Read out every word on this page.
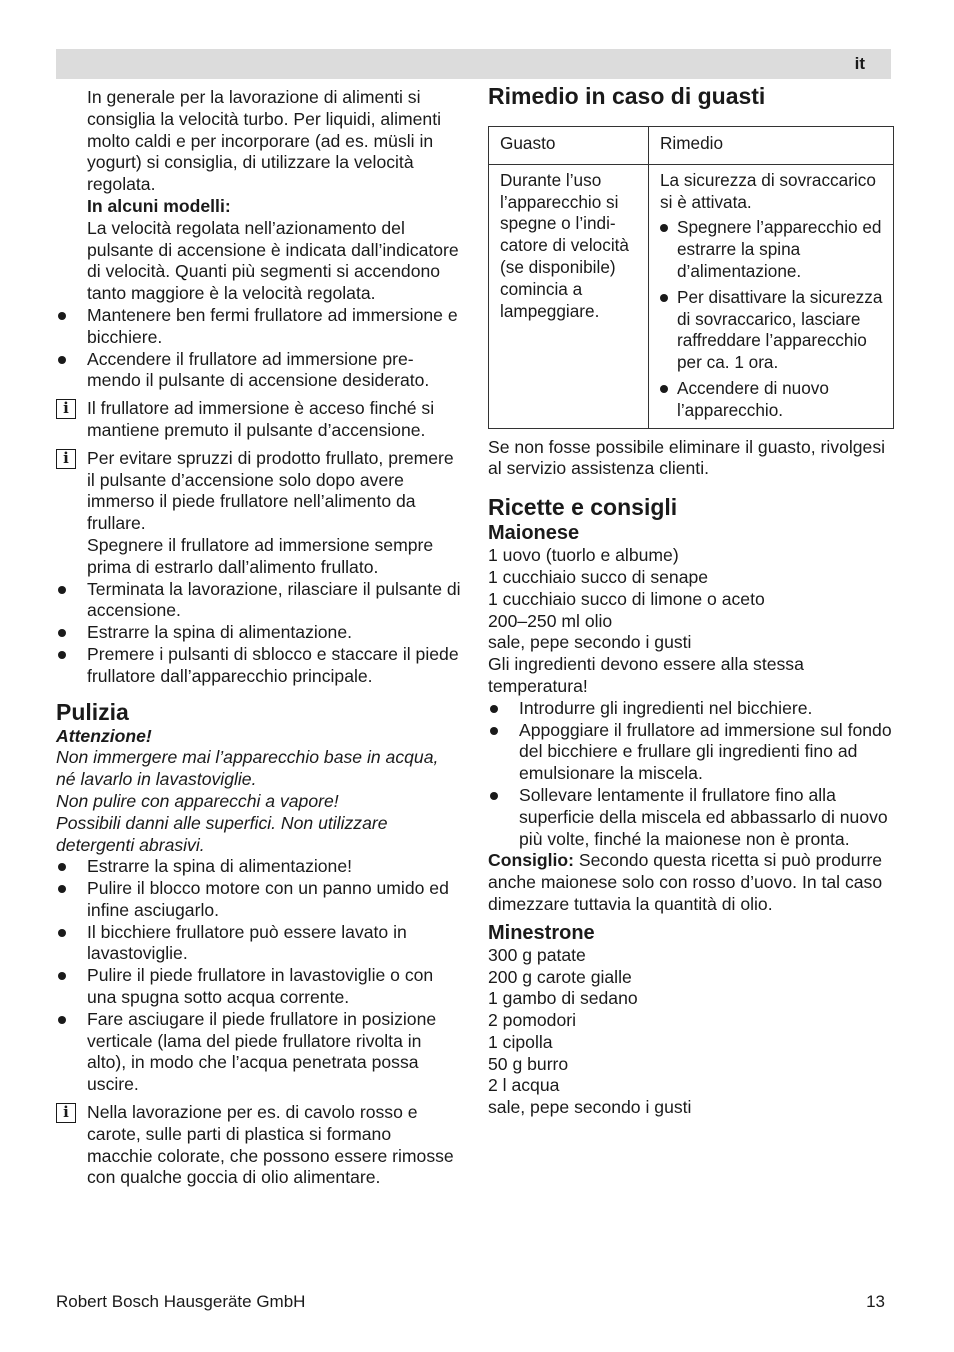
it

In generale per la lavorazione di alimenti si consiglia la velocità turbo. Per liquidi, alimenti molto caldi e per incorporare (ad es. müsli in yogurt) si consiglia, di utilizzare la velocità regolata.

In alcuni modelli:

La velocità regolata nell’azionamento del pulsante di accensione è indicata dall’indicatore di velocità. Quanti più segmenti si accendono tanto maggiore è la velocità regolata.

Mantenere ben fermi frullatore ad immersione e bicchiere.
Accendere il frullatore ad immersione premendo il pulsante di accensione desiderato.
i	Il frullatore ad immersione è acceso finché si mantiene premuto il pulsante d’accensione.
i	Per evitare spruzzi di prodotto frullato, premere il pulsante d’accensione solo dopo avere immerso il piede frullatore nell’alimento da frullare.
Spegnere il frullatore ad immersione sempre prima di estrarlo dall’alimento frullato.
Terminata la lavorazione, rilasciare il pulsante di accensione.
Estrarre la spina di alimentazione.
Premere i pulsanti di sblocco e staccare il piede frullatore dall’apparecchio principale.
Pulizia

Attenzione!

Non immergere mai l’apparecchio base in acqua, né lavarlo in lavastoviglie.

Non pulire con apparecchi a vapore!

Possibili danni alle superfici. Non utilizzare detergenti abrasivi.

Estrarre la spina di alimentazione!
Pulire il blocco motore con un panno umido ed infine asciugarlo.
Il bicchiere frullatore può essere lavato in lavastoviglie.
Pulire il piede frullatore in lavastoviglie o con una spugna sotto acqua corrente.
Fare asciugare il piede frullatore in posizione verticale (lama del piede frullatore rivolta in alto), in modo che l’acqua penetrata possa uscire.
i	Nella lavorazione per es. di cavolo rosso e carote, sulle parti di plastica si formano macchie colorate, che possono essere rimosse con qualche goccia di olio alimentare.
Rimedio in caso di guasti
Guasto	Rimedio
Durante l’uso l’apparecchio si spegne o l’indicatore di velocità (se disponibile) comincia a lampeggiare.	La sicurezza di sovraccarico si è attivata.
Spegnere l’apparecchio ed estrarre la spina d’alimentazione.
Per disattivare la sicurezza di sovraccarico, lasciare raffreddare l’apparecchio per ca. 1 ora.
Accendere di nuovo l’apparecchio.

Se non fosse possibile eliminare il guasto, rivolgesi al servizio assistenza clienti.

Ricette e consigli
Maionese
1 uovo (tuorlo e albume)
1 cucchiaio succo di senape
1 cucchiaio succo di limone o aceto
200–250 ml olio
sale, pepe secondo i gusti
Gli ingredienti devono essere alla stessa temperatura!
Introdurre gli ingredienti nel bicchiere.
Appoggiare il frullatore ad immersione sul fondo del bicchiere e frullare gli ingredienti fino ad emulsionare la miscela.
Sollevare lentamente il frullatore fino alla superficie della miscela ed abbassarlo di nuovo più volte, finché la maionese non è pronta.

Consiglio: Secondo questa ricetta si può produrre anche maionese solo con rosso d’uovo. In tal caso dimezzare tuttavia la quantità di olio.

Minestrone
300 g patate
200 g carote gialle
1 gambo di sedano
2 pomodori
1 cipolla
50 g burro
2 l acqua
sale, pepe secondo i gusti
Robert Bosch Hausgeräte GmbH	13
